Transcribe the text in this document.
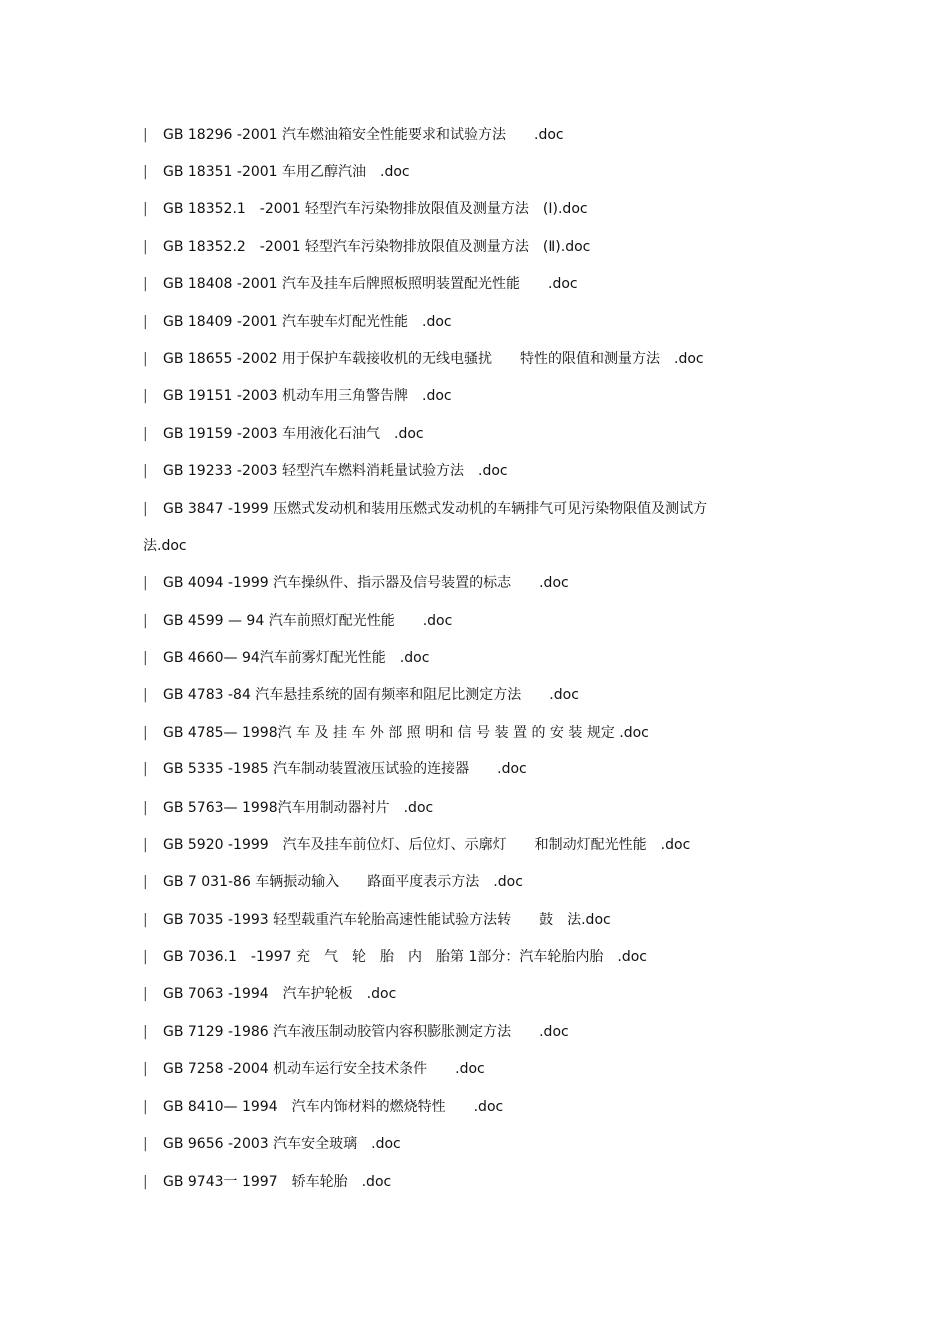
| GB 18296 -2001 汽车燃油箱安全性能要求和试验方法　　.doc
| GB 18351 -2001 车用乙醇汽油　.doc
| GB 18352.1　-2001 轻型汽车污染物排放限值及测量方法　(Ⅰ).doc
| GB 18352.2　-2001 轻型汽车污染物排放限值及测量方法　(Ⅱ).doc
| GB 18408 -2001 汽车及挂车后牌照板照明装置配光性能　　.doc
| GB 18409 -2001 汽车驶车灯配光性能　.doc
| GB 18655 -2002 用于保护车载接收机的无线电骚扰　　特性的限值和测量方法　.doc
| GB 19151 -2003 机动车用三角警告牌　.doc
| GB 19159 -2003 车用液化石油气　.doc
| GB 19233 -2003 轻型汽车燃料消耗量试验方法　.doc
| GB 3847 -1999 压燃式发动机和装用压燃式发动机的车辆排气可见污染物限值及测试方
法.doc
| GB 4094 -1999 汽车操纵件、指示器及信号装置的标志　　.doc
| GB 4599 — 94 汽车前照灯配光性能　　.doc
| GB 4660— 94汽车前雾灯配光性能　.doc
| GB 4783 -84 汽车悬挂系统的固有频率和阻尼比测定方法　　.doc
| GB 4785— 1998汽 车 及 挂 车 外 部 照 明和 信 号 装 置 的 安 装 规定 .doc
| GB 5335 -1985 汽车制动装置液压试验的连接器　　.doc
| GB 5763— 1998汽车用制动器衬片　.doc
| GB 5920 -1999　汽车及挂车前位灯、后位灯、示廓灯　　和制动灯配光性能　.doc
| GB 7 031-86 车辆振动输入　　路面平度表示方法　.doc
| GB 7035 -1993 轻型载重汽车轮胎高速性能试验方法转　　鼓　法.doc
| GB 7036.1　-1997 充　气　轮　胎　内　胎第 1部分：汽车轮胎内胎　.doc
| GB 7063 -1994　汽车护轮板　.doc
| GB 7129 -1986 汽车液压制动胶管内容积膨胀测定方法　　.doc
| GB 7258 -2004 机动车运行安全技术条件　　.doc
| GB 8410— 1994　汽车内饰材料的燃烧特性　　.doc
| GB 9656 -2003 汽车安全玻璃　.doc
| GB 9743一 1997　轿车轮胎　.doc
